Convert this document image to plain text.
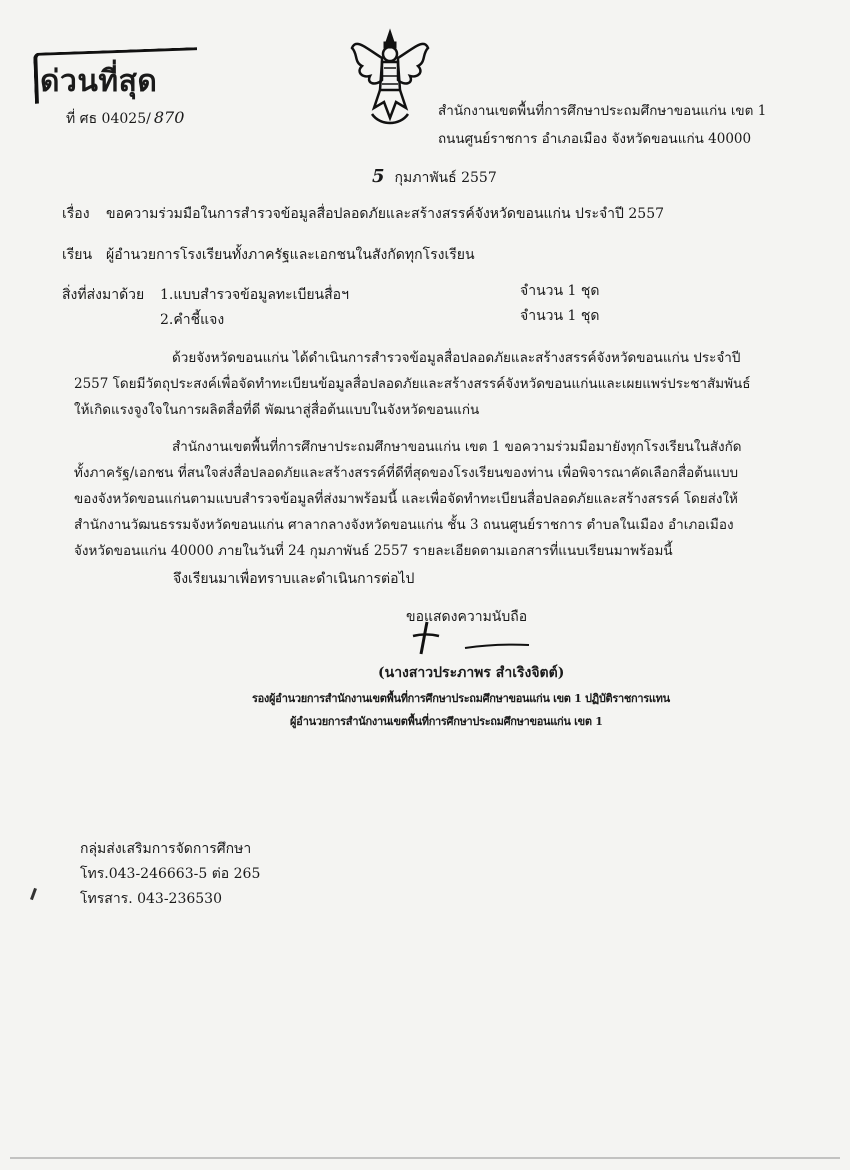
ด่วนที่สุด
ที่ ศธ 04025/ 870	สำนักงานเขตพื้นที่การศึกษาประถมศึกษาขอนแก่น เขต 1
ถนนศูนย์ราชการ อำเภอเมือง จังหวัดขอนแก่น 40000
5 กุมภาพันธ์ 2557
เรื่อง ขอความร่วมมือในการสำรวจข้อมูลสื่อปลอดภัยและสร้างสรรค์จังหวัดขอนแก่น ประจำปี 2557
เรียน ผู้อำนวยการโรงเรียนทั้งภาครัฐและเอกชนในสังกัดทุกโรงเรียน
สิ่งที่ส่งมาด้วย 1.แบบสำรวจข้อมูลทะเบียนสื่อฯ
2.คำชี้แจง
จำนวน 1 ชุด
จำนวน 1 ชุด
ด้วยจังหวัดขอนแก่น ได้ดำเนินการสำรวจข้อมูลสื่อปลอดภัยและสร้างสรรค์จังหวัดขอนแก่น ประจำปี
2557 โดยมีวัตถุประสงค์เพื่อจัดทำทะเบียนข้อมูลสื่อปลอดภัยและสร้างสรรค์จังหวัดขอนแก่นและเผยแพร่ประชาสัมพันธ์
ให้เกิดแรงจูงใจในการผลิตสื่อที่ดี พัฒนาสู่สื่อต้นแบบในจังหวัดขอนแก่น
สำนักงานเขตพื้นที่การศึกษาประถมศึกษาขอนแก่น เขต 1 ขอความร่วมมือมายังทุกโรงเรียนในสังกัด
ทั้งภาครัฐ/เอกชน ที่สนใจส่งสื่อปลอดภัยและสร้างสรรค์ที่ดีที่สุดของโรงเรียนของท่าน เพื่อพิจารณาคัดเลือกสื่อต้นแบบ
ของจังหวัดขอนแก่นตามแบบสำรวจข้อมูลที่ส่งมาพร้อมนี้ และเพื่อจัดทำทะเบียนสื่อปลอดภัยและสร้างสรรค์ โดยส่งให้
สำนักงานวัฒนธรรมจังหวัดขอนแก่น ศาลากลางจังหวัดขอนแก่น ชั้น 3 ถนนศูนย์ราชการ ตำบลในเมือง อำเภอเมือง
จังหวัดขอนแก่น 40000 ภายในวันที่ 24 กุมภาพันธ์ 2557 รายละเอียดตามเอกสารที่แนบเรียนมาพร้อมนี้
จึงเรียนมาเพื่อทราบและดำเนินการต่อไป
ขอแสดงความนับถือ
(นางสาวประภาพร สำเริงจิตต์)
รองผู้อำนวยการสำนักงานเขตพื้นที่การศึกษาประถมศึกษาขอนแก่น เขต 1 ปฏิบัติราชการแทน
ผู้อำนวยการสำนักงานเขตพื้นที่การศึกษาประถมศึกษาขอนแก่น เขต 1
กลุ่มส่งเสริมการจัดการศึกษา
โทร.043-246663-5 ต่อ 265
โทรสาร. 043-236530
